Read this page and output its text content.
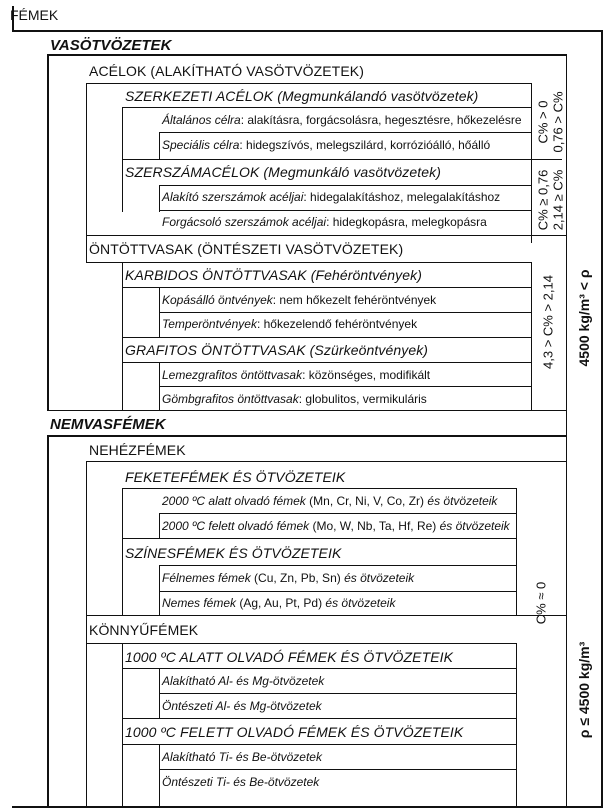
FÉMEK
VASÖTVÖZETEK
ACÉLOK (ALAKÍTHATÓ VASÖTVÖZETEK)
SZERKEZETI ACÉLOK (Megmunkálandó vasötvözetek)
Általános célra: alakításra, forgácsolásra, hegesztésre, hőkezelésre
Speciális célra: hidegszívós, melegszilárd, korrózióálló, hőálló
SZERSZÁMACÉLOK (Megmunkáló vasötvözetek)
Alakító szerszámok acéljai: hidegalakításhoz, melegalakításhoz
Forgácsoló szerszámok acéljai: hidegkopásra, melegkopásra
ÖNTÖTTVASAK (ÖNTÉSZETI VASÖTVÖZETEK)
KARBIDOS ÖNTÖTTVASAK (Fehéröntvények)
Kopásálló öntvények: nem hőkezelt fehéröntvények
Temperöntvények: hőkezelendő fehéröntvények
GRAFITOS ÖNTÖTTVASAK (Szürkeöntvények)
Lemezgrafitos öntöttvasak: közönséges, modifikált
Gömbgrafitos öntöttvasak: globulitos, vermikuláris
NEMVASFÉMEK
NEHÉZFÉMEK
FEKETEFÉMEK ÉS ÖTVÖZETEIK
2000 ºC alatt olvadó fémek (Mn, Cr, Ni, V, Co, Zr) és ötvözeteik
2000 ºC felett olvadó fémek (Mo, W, Nb, Ta, Hf, Re) és ötvözeteik
SZÍNESFÉMEK ÉS ÖTVÖZETEIK
Félnemes fémek (Cu, Zn, Pb, Sn) és ötvözeteik
Nemes fémek (Ag, Au, Pt, Pd) és ötvözeteik
KÖNNYŰFÉMEK
1000 ºC ALATT OLVADÓ FÉMEK ÉS ÖTVÖZETEIK
Alakítható Al- és Mg-ötvözetek
Öntészeti Al- és Mg-ötvözetek
1000 ºC FELETT OLVADÓ FÉMEK ÉS ÖTVÖZETEIK
Alakítható Ti- és Be-ötvözetek
Öntészeti Ti- és Be-ötvözetek
C% > 0 0,76 > C%
C% ≥ 0,76 2,14 ≥ C%
4,3 > C% > 2,14 4500 kg/m³ < ρ
C% ≈ 0
ρ ≤ 4500 kg/m³
